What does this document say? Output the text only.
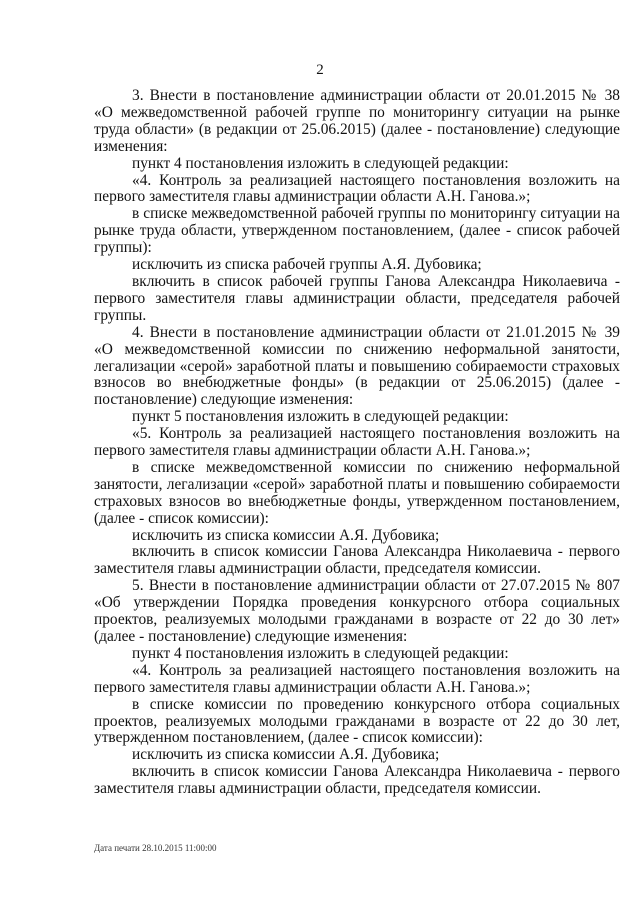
2

3. Внести в постановление администрации области от 20.01.2015 № 38 «О межведомственной рабочей группе по мониторингу ситуации на рынке труда области» (в редакции от 25.06.2015) (далее - постановление) следующие изменения:

пункт 4 постановления изложить в следующей редакции:

«4. Контроль за реализацией настоящего постановления возложить на первого заместителя главы администрации области А.Н. Ганова.»;

в списке межведомственной рабочей группы по мониторингу ситуации на рынке труда области, утвержденном постановлением, (далее - список рабочей группы):

исключить из списка рабочей группы А.Я. Дубовика;

включить в список рабочей группы Ганова Александра Николаевича - первого заместителя главы администрации области, председателя рабочей группы.

4. Внести в постановление администрации области от 21.01.2015 № 39 «О межведомственной комиссии по снижению неформальной занятости, легализации «серой» заработной платы и повышению собираемости страховых взносов во внебюджетные фонды» (в редакции от 25.06.2015) (далее - постановление) следующие изменения:

пункт 5 постановления изложить в следующей редакции:

«5. Контроль за реализацией настоящего постановления возложить на первого заместителя главы администрации области А.Н. Ганова.»;

в списке межведомственной комиссии по снижению неформальной занятости, легализации «серой» заработной платы и повышению собираемости страховых взносов во внебюджетные фонды, утвержденном постановлением, (далее - список комиссии):

исключить из списка комиссии А.Я. Дубовика;

включить в список комиссии Ганова Александра Николаевича - первого заместителя главы администрации области, председателя комиссии.

5. Внести в постановление администрации области от 27.07.2015 № 807 «Об утверждении Порядка проведения конкурсного отбора социальных проектов, реализуемых молодыми гражданами в возрасте от 22 до 30 лет» (далее - постановление) следующие изменения:

пункт 4 постановления изложить в следующей редакции:

«4. Контроль за реализацией настоящего постановления возложить на первого заместителя главы администрации области А.Н. Ганова.»;

в списке комиссии по проведению конкурсного отбора социальных проектов, реализуемых молодыми гражданами в возрасте от 22 до 30 лет, утвержденном постановлением, (далее - список комиссии):

исключить из списка комиссии А.Я. Дубовика;

включить в список комиссии Ганова Александра Николаевича - первого заместителя главы администрации области, председателя комиссии.

Дата печати 28.10.2015 11:00:00
